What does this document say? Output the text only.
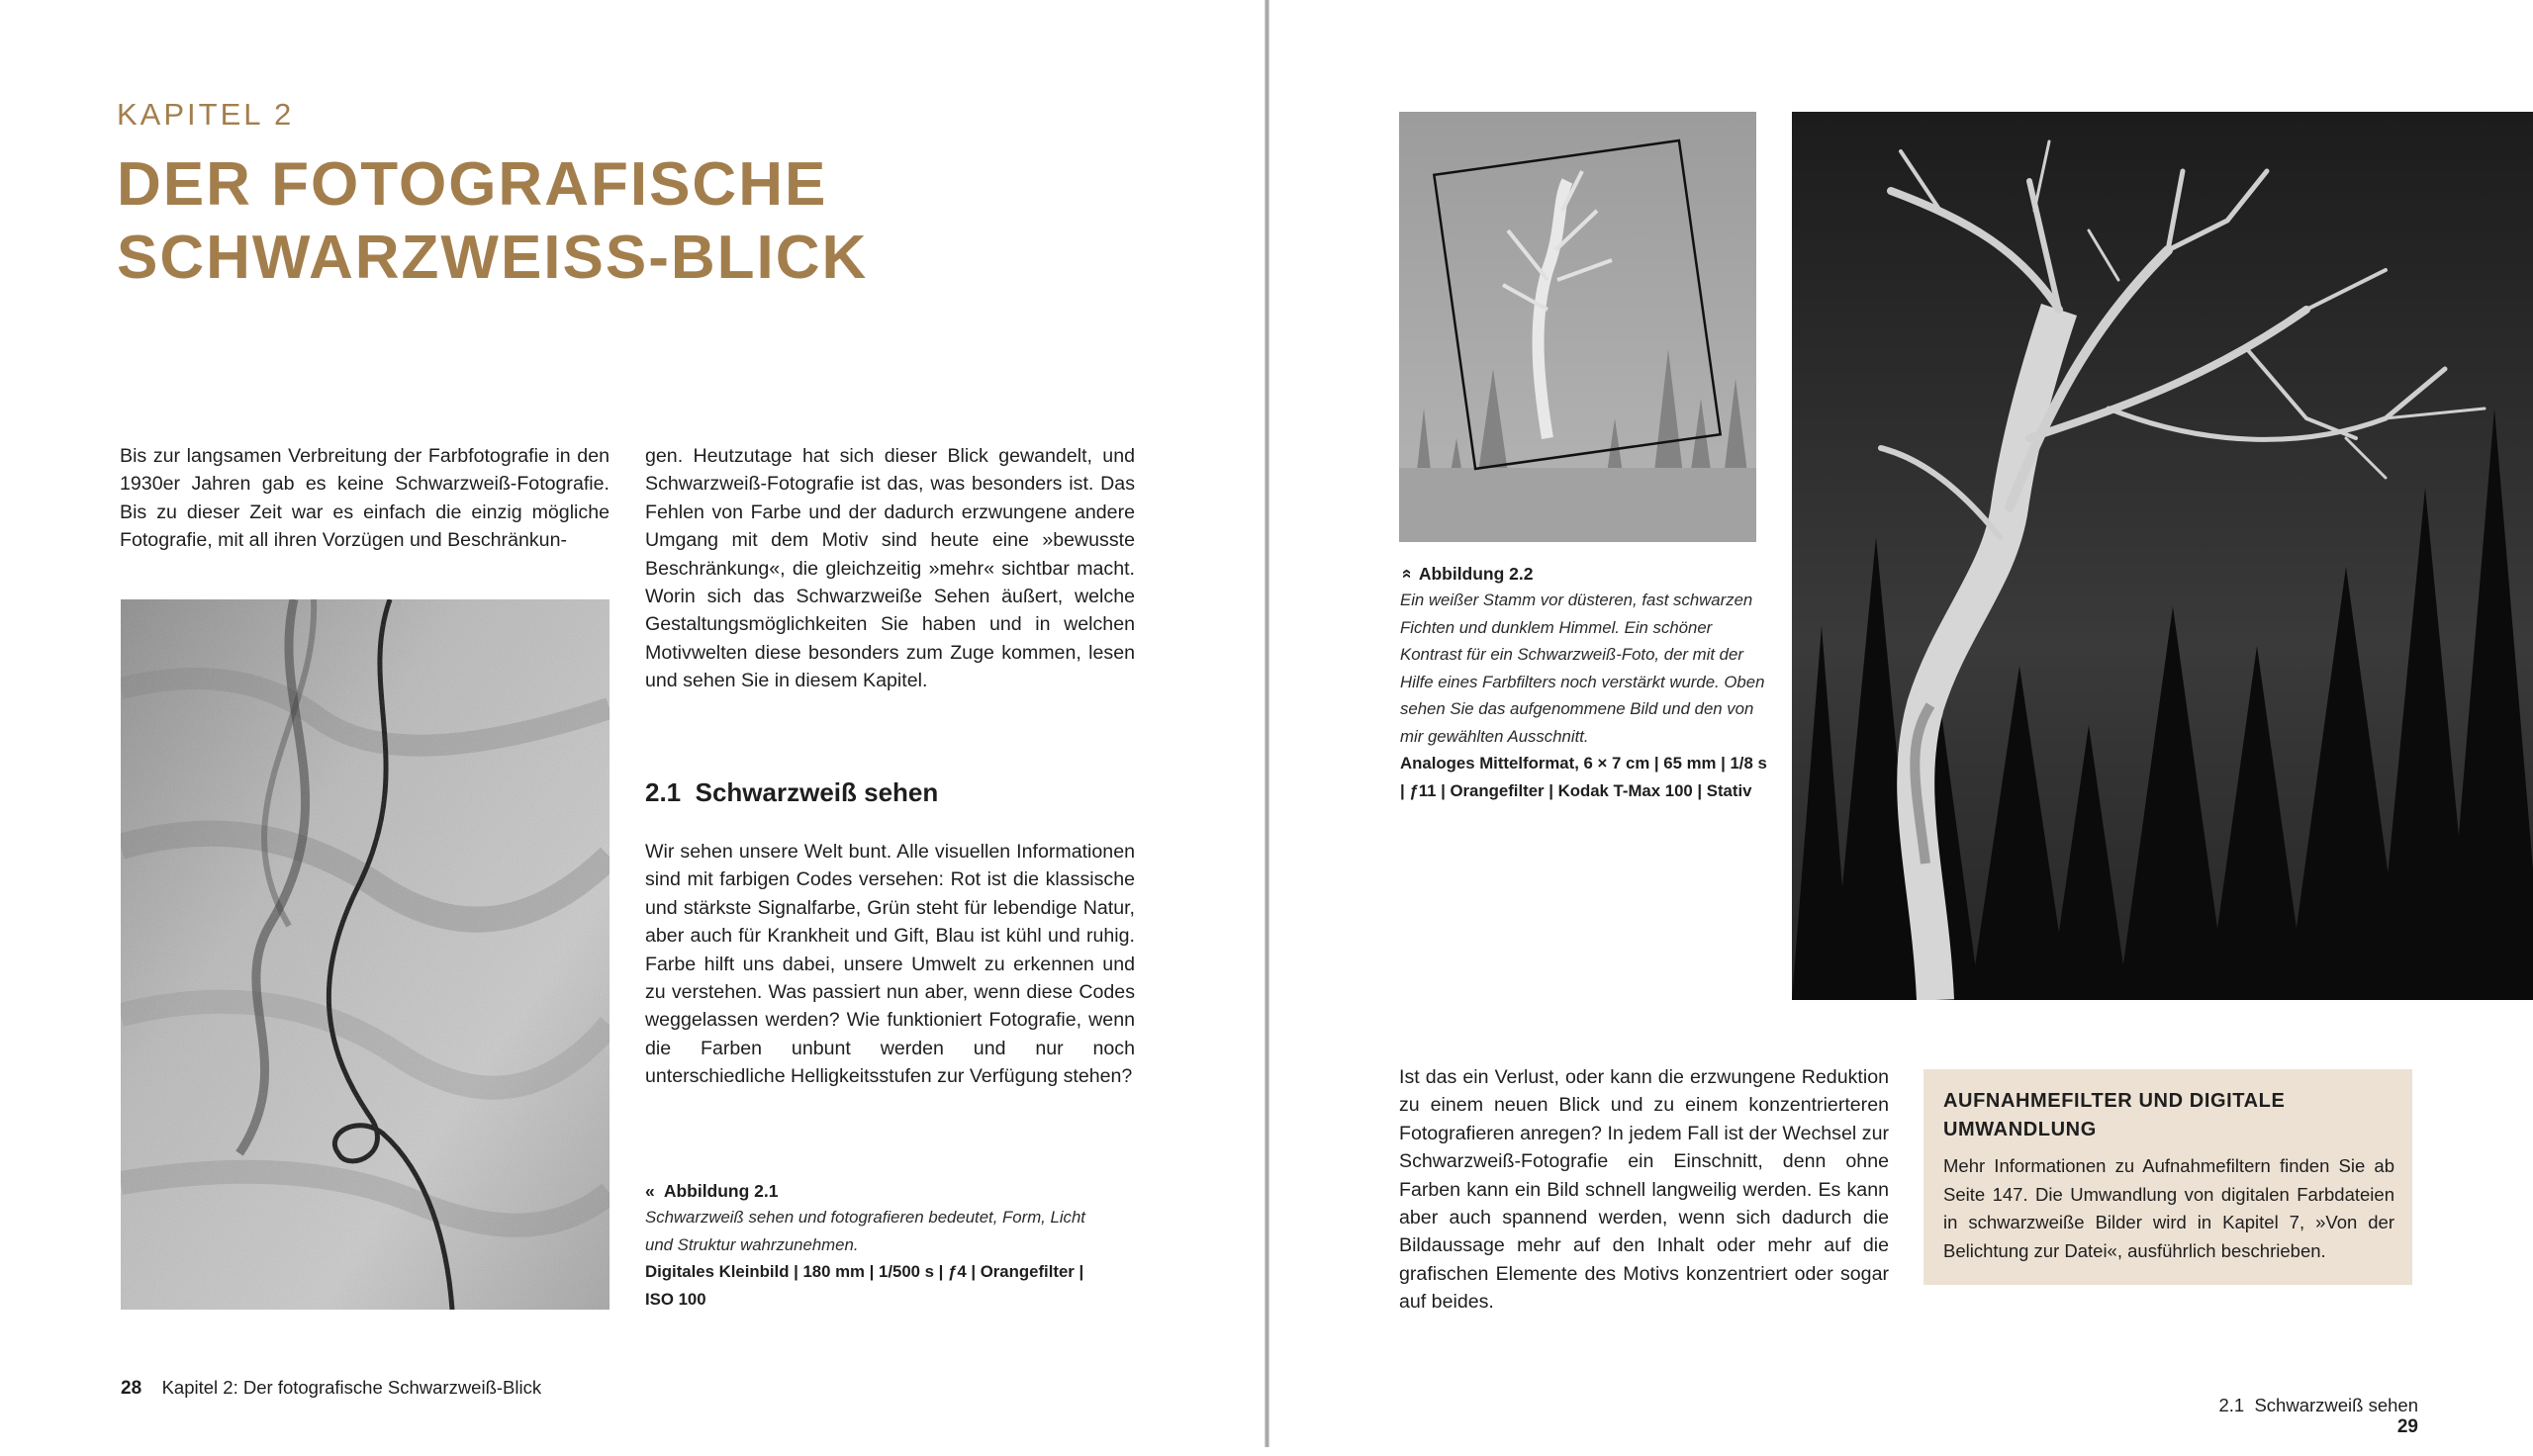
KAPITEL 2
DER FOTOGRAFISCHE
SCHWARZWEISS-BLICK

Bis zur langsamen Verbreitung der Farbfotografie in den 1930er Jahren gab es keine Schwarzweiß-Fotografie. Bis zu dieser Zeit war es einfach die einzig mögliche Fotografie, mit all ihren Vorzügen und Beschränkun-

gen. Heutzutage hat sich dieser Blick gewandelt, und Schwarzweiß-Fotografie ist das, was besonders ist. Das Fehlen von Farbe und der dadurch erzwungene andere Umgang mit dem Motiv sind heute eine »bewusste Beschränkung«, die gleichzeitig »mehr« sichtbar macht. Worin sich das Schwarzweiße Sehen äußert, welche Gestaltungsmöglichkeiten Sie haben und in welchen Motivwelten diese besonders zum Zuge kommen, lesen und sehen Sie in diesem Kapitel.

2.1 Schwarzweiß sehen

Wir sehen unsere Welt bunt. Alle visuellen Informationen sind mit farbigen Codes versehen: Rot ist die klassische und stärkste Signalfarbe, Grün steht für lebendige Natur, aber auch für Krankheit und Gift, Blau ist kühl und ruhig. Farbe hilft uns dabei, unsere Umwelt zu erkennen und zu verstehen. Was passiert nun aber, wenn diese Codes weggelassen werden? Wie funktioniert Fotografie, wenn die Farben unbunt werden und nur noch unterschiedliche Helligkeitsstufen zur Verfügung stehen?

« Abbildung 2.1
Schwarzweiß sehen und fotografieren bedeutet, Form, Licht und Struktur wahrzunehmen.
Digitales Kleinbild | 180 mm | 1/500 s | ƒ4 | Orangefilter | ISO 100
28 Kapitel 2: Der fotografische Schwarzweiß-Blick
» Abbildung 2.2
Ein weißer Stamm vor düsteren, fast schwarzen Fichten und dunklem Himmel. Ein schöner Kontrast für ein Schwarzweiß-Foto, der mit der Hilfe eines Farbfilters noch verstärkt wurde. Oben sehen Sie das aufgenommene Bild und den von mir gewählten Ausschnitt.
Analoges Mittelformat, 6 × 7 cm | 65 mm | 1/8 s | ƒ11 | Orangefilter | Kodak T-Max 100 | Stativ

Ist das ein Verlust, oder kann die erzwungene Reduktion zu einem neuen Blick und zu einem konzentrierteren Fotografieren anregen? In jedem Fall ist der Wechsel zur Schwarzweiß-Fotografie ein Einschnitt, denn ohne Farben kann ein Bild schnell langweilig werden. Es kann aber auch spannend werden, wenn sich dadurch die Bildaussage mehr auf den Inhalt oder mehr auf die grafischen Elemente des Motivs konzentriert oder sogar auf beides.

AUFNAHMEFILTER UND DIGITALE UMWANDLUNG
Mehr Informationen zu Aufnahmefiltern finden Sie ab Seite 147. Die Umwandlung von digitalen Farbdateien in schwarzweiße Bilder wird in Kapitel 7, »Von der Belichtung zur Datei«, ausführlich beschrieben.

2.1  Schwarzweiß sehen
29
